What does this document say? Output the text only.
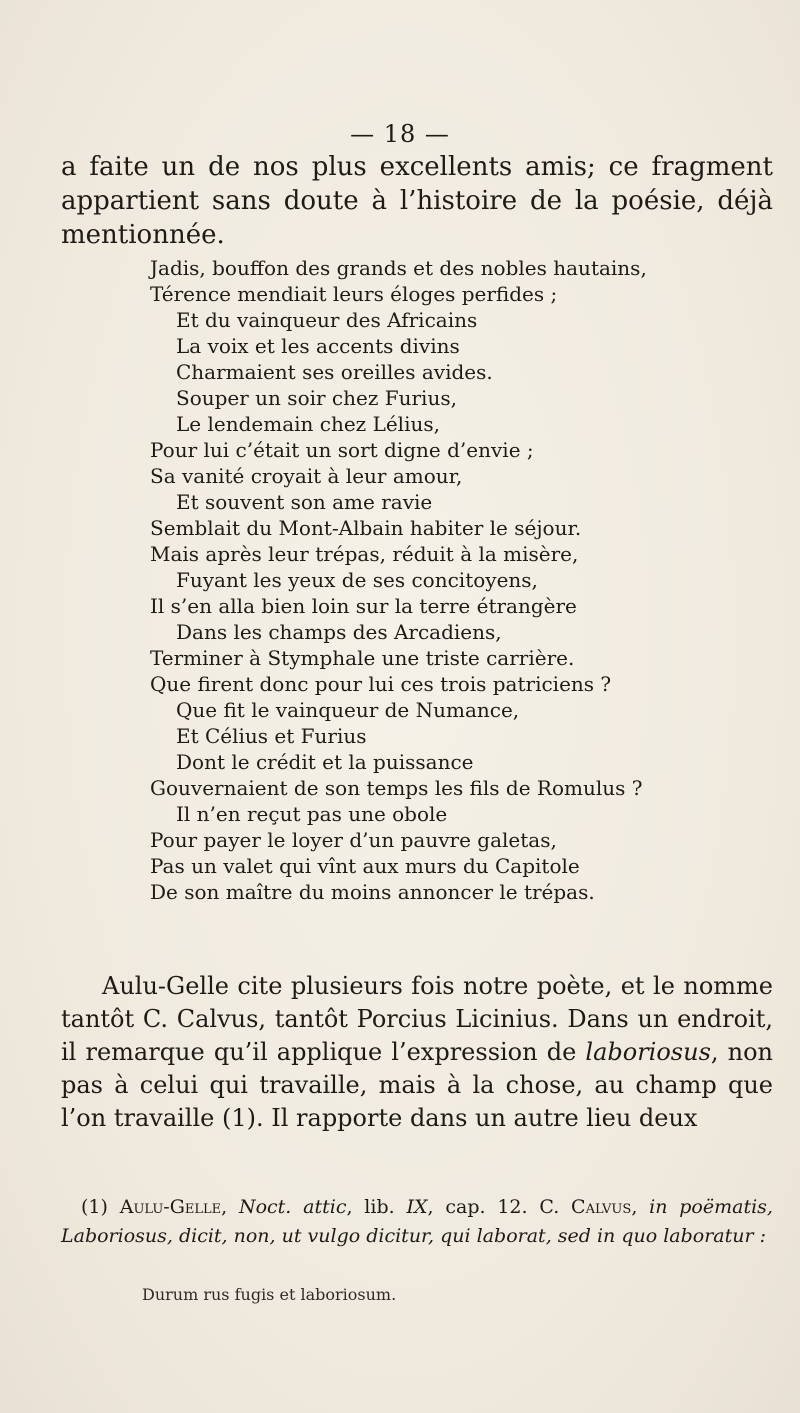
— 18 —

a faite un de nos plus excellents amis; ce fragment appartient sans doute à l’histoire de la poésie, déjà mentionnée.

Jadis, bouffon des grands et des nobles hautains,
Térence mendiait leurs éloges perfides ;
Et du vainqueur des Africains
La voix et les accents divins
Charmaient ses oreilles avides.
Souper un soir chez Furius,
Le lendemain chez Lélius,
Pour lui c’était un sort digne d’envie ;
Sa vanité croyait à leur amour,
Et souvent son ame ravie
Semblait du Mont-Albain habiter le séjour.
Mais après leur trépas, réduit à la misère,
Fuyant les yeux de ses concitoyens,
Il s’en alla bien loin sur la terre étrangère
Dans les champs des Arcadiens,
Terminer à Stymphale une triste carrière.
Que firent donc pour lui ces trois patriciens ?
Que fit le vainqueur de Numance,
Et Célius et Furius
Dont le crédit et la puissance
Gouvernaient de son temps les fils de Romulus ?
Il n’en reçut pas une obole
Pour payer le loyer d’un pauvre galetas,
Pas un valet qui vînt aux murs du Capitole
De son maître du moins annoncer le trépas.

Aulu-Gelle cite plusieurs fois notre poète, et le nomme tantôt C. Calvus, tantôt Porcius Licinius. Dans un endroit, il remarque qu’il applique l’expression de laboriosus, non pas à celui qui travaille, mais à la chose, au champ que l’on travaille (1). Il rapporte dans un autre lieu deux

(1) Aulu-Gelle, Noct. attic, lib. IX, cap. 12. C. Calvus, in poëmatis, Laboriosus, dicit, non, ut vulgo dicitur, qui laborat, sed in quo laboratur :

Durum rus fugis et laboriosum.
